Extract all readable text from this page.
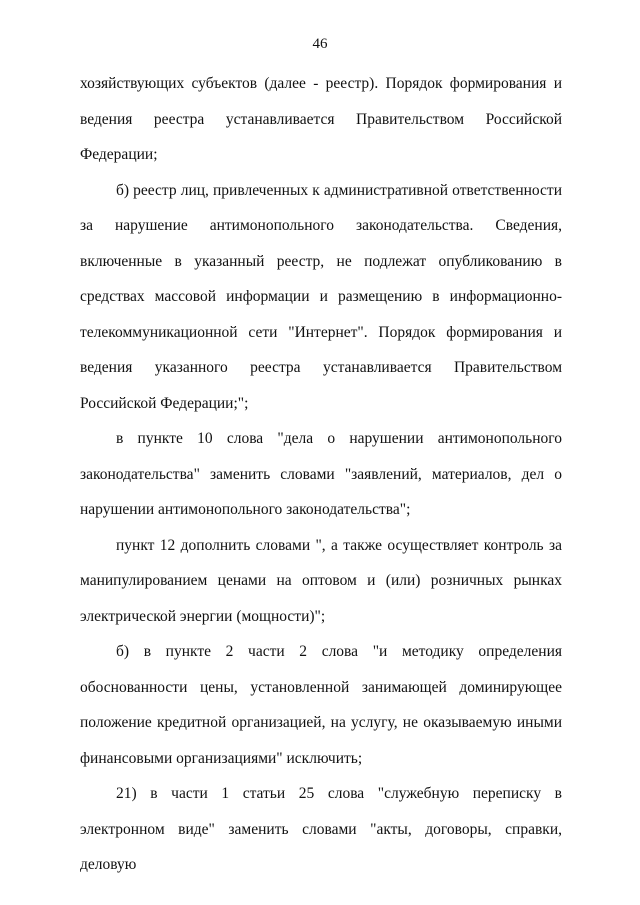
46

хозяйствующих субъектов (далее - реестр). Порядок формирования и ведения реестра устанавливается Правительством Российской Федерации;

б) реестр лиц, привлеченных к административной ответственности за нарушение антимонопольного законодательства. Сведения, включенные в указанный реестр, не подлежат опубликованию в средствах массовой информации и размещению в информационно-телекоммуникационной сети "Интернет". Порядок формирования и ведения указанного реестра устанавливается Правительством Российской Федерации;";

в пункте 10 слова "дела о нарушении антимонопольного законодательства" заменить словами "заявлений, материалов, дел о нарушении антимонопольного законодательства";

пункт 12 дополнить словами ", а также осуществляет контроль за манипулированием ценами на оптовом и (или) розничных рынках электрической энергии (мощности)";

б) в пункте 2 части 2 слова "и методику определения обоснованности цены, установленной занимающей доминирующее положение кредитной организацией, на услугу, не оказываемую иными финансовыми организациями" исключить;

21) в части 1 статьи 25 слова "служебную переписку в электронном виде" заменить словами "акты, договоры, справки, деловую
